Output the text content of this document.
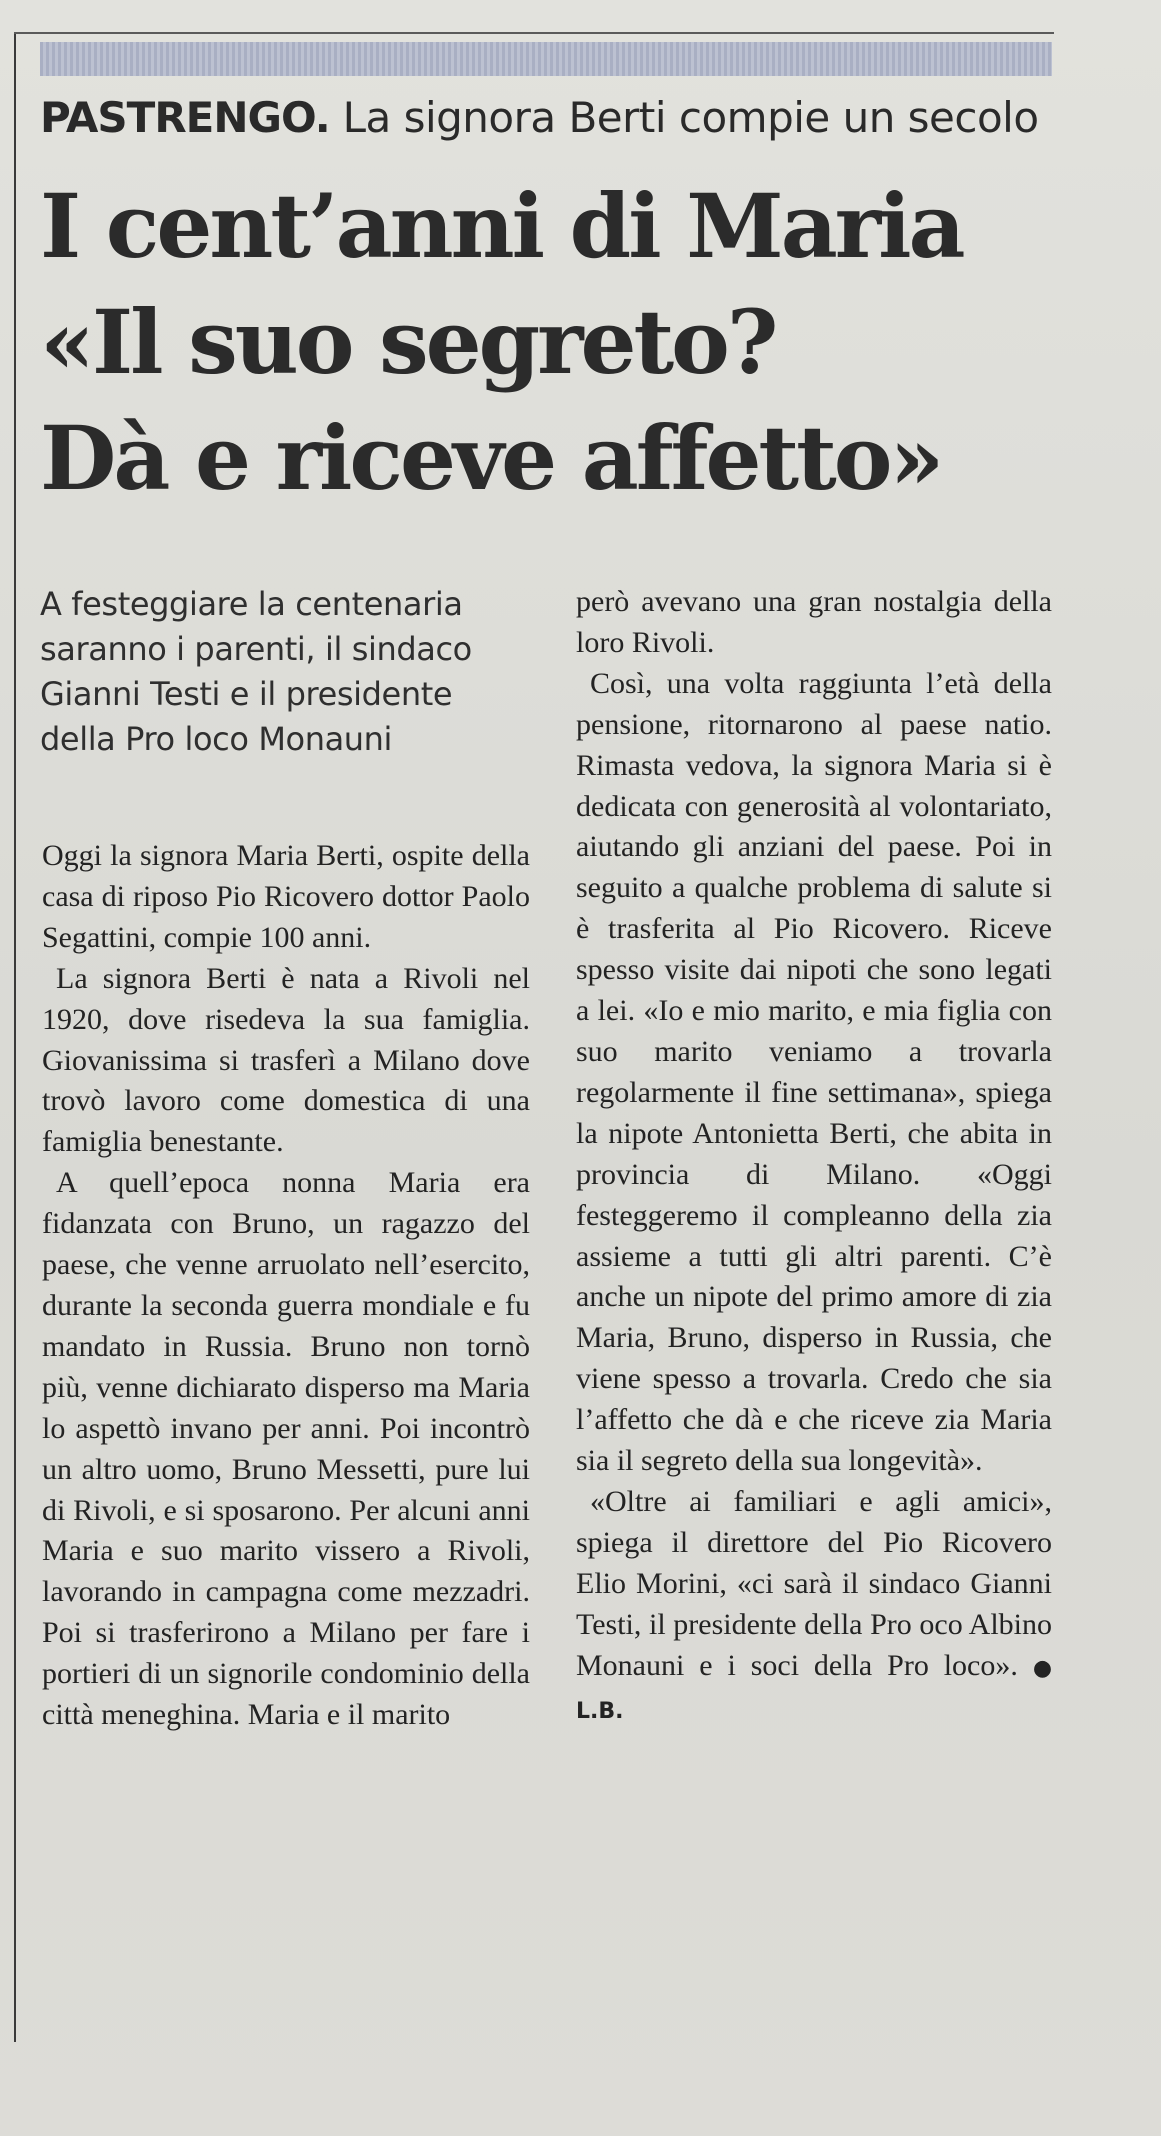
PASTRENGO. La signora Berti compie un secolo
I cent’anni di Maria
«Il suo segreto?
Dà e riceve affetto»
A festeggiare la centenaria
saranno i parenti, il sindaco
Gianni Testi e il presidente
della Pro loco Monauni

Oggi la signora Maria Berti, ospite della casa di riposo Pio Ricovero dottor Paolo Segattini, compie 100 anni.

La signora Berti è nata a Rivoli nel 1920, dove risedeva la sua famiglia. Giovanissima si trasferì a Milano dove trovò lavoro come domestica di una famiglia benestante.

A quell’epoca nonna Maria era fidanzata con Bruno, un ragazzo del paese, che venne arruolato nell’esercito, durante la seconda guerra mondiale e fu mandato in Russia. Bruno non tornò più, venne dichiarato disperso ma Maria lo aspettò invano per anni. Poi incontrò un altro uomo, Bruno Messetti, pure lui di Rivoli, e si sposarono. Per alcuni anni Maria e suo marito vissero a Rivoli, lavorando in campagna come mezzadri. Poi si trasferirono a Milano per fare i portieri di un signorile condominio della città meneghina. Maria e il marito

però avevano una gran nostalgia della loro Rivoli.

Così, una volta raggiunta l’età della pensione, ritornarono al paese natio. Rimasta vedova, la signora Maria si è dedicata con generosità al volontariato, aiutando gli anziani del paese. Poi in seguito a qualche problema di salute si è trasferita al Pio Ricovero. Riceve spesso visite dai nipoti che sono legati a lei. «Io e mio marito, e mia figlia con suo marito veniamo a trovarla regolarmente il fine settimana», spiega la nipote Antonietta Berti, che abita in provincia di Milano. «Oggi festeggeremo il compleanno della zia assieme a tutti gli altri parenti. C’è anche un nipote del primo amore di zia Maria, Bruno, disperso in Russia, che viene spesso a trovarla. Credo che sia l’affetto che dà e che riceve zia Maria sia il segreto della sua longevità».

«Oltre ai familiari e agli amici», spiega il direttore del Pio Ricovero Elio Morini, «ci sarà il sindaco Gianni Testi, il presidente della Pro oco Albino Monauni e i soci della Pro loco». ● L.B.
